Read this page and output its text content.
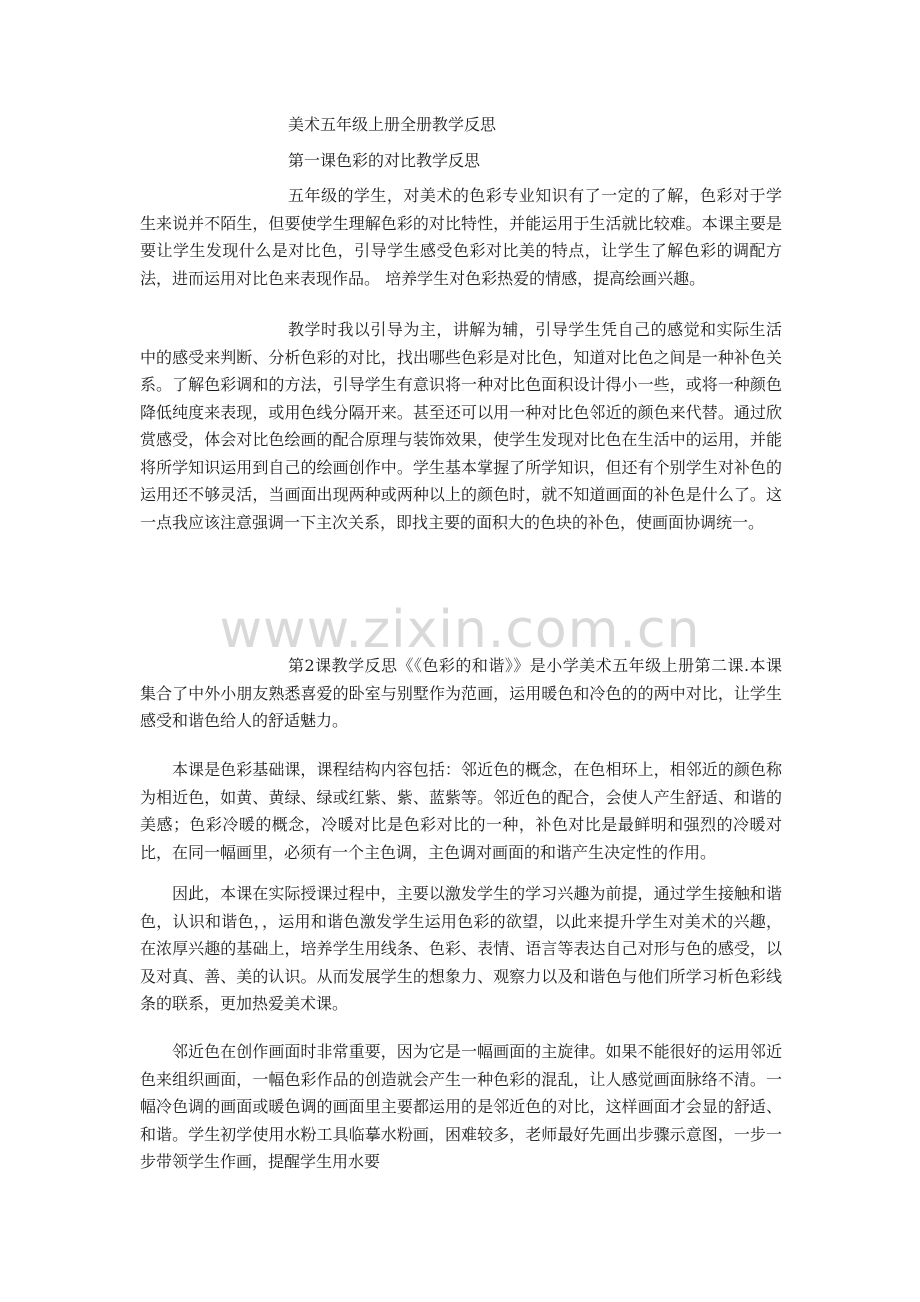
美术五年级上册全册教学反思
第一课色彩的对比教学反思

五年级的学生，对美术的色彩专业知识有了一定的了解，色彩对于学生来说并不陌生，但要使学生理解色彩的对比特性，并能运用于生活就比较难。本课主要是要让学生发现什么是对比色，引导学生感受色彩对比美的特点，让学生了解色彩的调配方法，进而运用对比色来表现作品。 培养学生对色彩热爱的情感，提高绘画兴趣。

教学时我以引导为主，讲解为辅，引导学生凭自己的感觉和实际生活中的感受来判断、分析色彩的对比，找出哪些色彩是对比色，知道对比色之间是一种补色关系。了解色彩调和的方法，引导学生有意识将一种对比色面积设计得小一些，或将一种颜色降低纯度来表现，或用色线分隔开来。甚至还可以用一种对比色邻近的颜色来代替。通过欣赏感受，体会对比色绘画的配合原理与装饰效果，使学生发现对比色在生活中的运用，并能将所学知识运用到自己的绘画创作中。学生基本掌握了所学知识，但还有个别学生对补色的运用还不够灵活，当画面出现两种或两种以上的颜色时，就不知道画面的补色是什么了。这一点我应该注意强调一下主次关系，即找主要的面积大的色块的补色，使画面协调统一。

www.zixin.com.cn

第2课教学反思《《色彩的和谐》》是小学美术五年级上册第二课.本课集合了中外小朋友熟悉喜爱的卧室与别墅作为范画，运用暖色和冷色的的两中对比，让学生感受和谐色给人的舒适魅力。

本课是色彩基础课，课程结构内容包括：邻近色的概念，在色相环上，相邻近的颜色称为相近色，如黄、黄绿、绿或红紫、紫、蓝紫等。邻近色的配合，会使人产生舒适、和谐的美感；色彩冷暖的概念，冷暖对比是色彩对比的一种，补色对比是最鲜明和强烈的冷暖对比，在同一幅画里，必须有一个主色调，主色调对画面的和谐产生决定性的作用。

因此，本课在实际授课过程中，主要以激发学生的学习兴趣为前提，通过学生接触和谐色，认识和谐色，，运用和谐色激发学生运用色彩的欲望，以此来提升学生对美术的兴趣，在浓厚兴趣的基础上，培养学生用线条、色彩、表情、语言等表达自己对形与色的感受，以及对真、善、美的认识。从而发展学生的想象力、观察力以及和谐色与他们所学习析色彩线条的联系，更加热爱美术课。

邻近色在创作画面时非常重要，因为它是一幅画面的主旋律。如果不能很好的运用邻近色来组织画面，一幅色彩作品的创造就会产生一种色彩的混乱，让人感觉画面脉络不清。一幅冷色调的画面或暖色调的画面里主要都运用的是邻近色的对比，这样画面才会显的舒适、和谐。学生初学使用水粉工具临摹水粉画，困难较多，老师最好先画出步骤示意图，一步一步带领学生作画，提醒学生用水要
